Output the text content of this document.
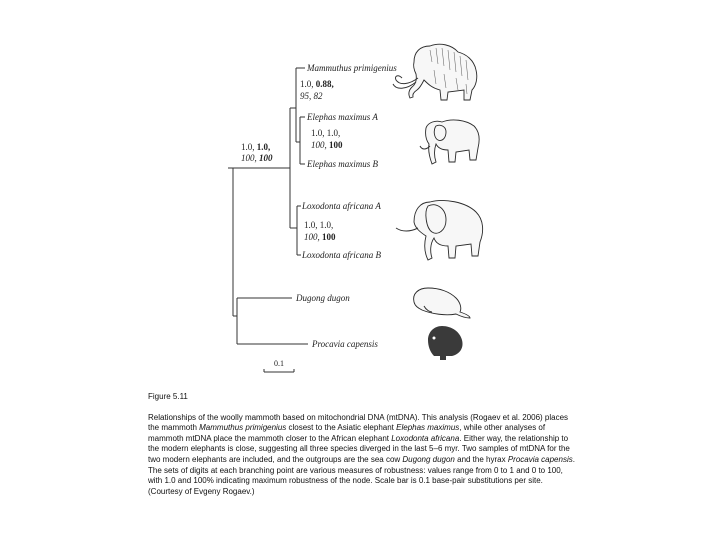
0.1
Mammuthus primigenius
Elephas maximus A
Elephas maximus B
Loxodonta africana A
Loxodonta africana B
Dugong dugon
Procavia capensis
1.0, 1.0,
100, 100
1.0, 0.88,
95, 82
1.0, 1.0,
100, 100
1.0, 1.0,
100, 100
Figure 5.11

Relationships of the woolly mammoth based on mitochondrial DNA (mtDNA). This analysis (Rogaev et al. 2006) places the mammoth Mammuthus primigenius closest to the Asiatic elephant Elephas maximus, while other analyses of mammoth mtDNA place the mammoth closer to the African elephant Loxodonta africana. Either way, the relationship to the modern elephants is close, suggesting all three species diverged in the last 5–6 myr. Two samples of mtDNA for the two modern elephants are included, and the outgroups are the sea cow Dugong dugon and the hyrax Procavia capensis. The sets of digits at each branching point are various measures of robustness: values range from 0 to 1 and 0 to 100, with 1.0 and 100% indicating maximum robustness of the node. Scale bar is 0.1 base-pair substitutions per site. (Courtesy of Evgeny Rogaev.)
